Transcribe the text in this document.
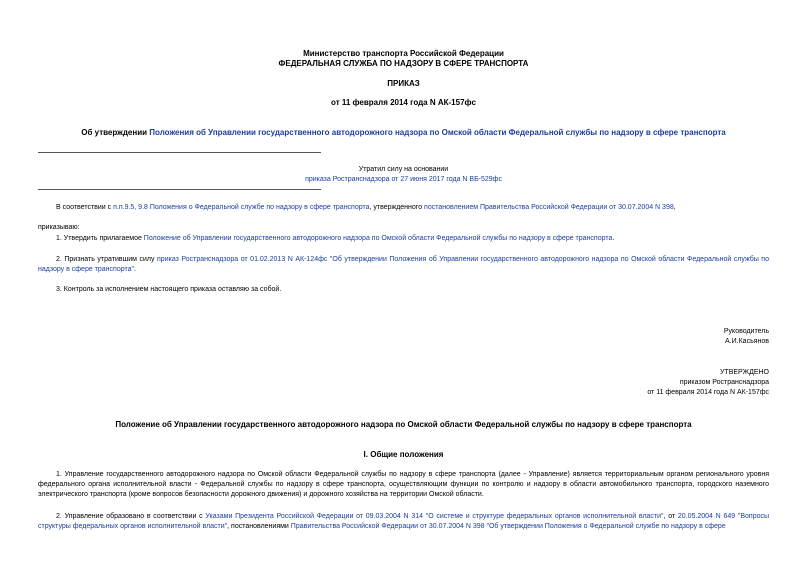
Министерство транспорта Российской Федерации
ФЕДЕРАЛЬНАЯ СЛУЖБА ПО НАДЗОРУ В СФЕРЕ ТРАНСПОРТА
ПРИКАЗ
от 11 февраля 2014 года N АК-157фс
Об утверждении Положения об Управлении государственного автодорожного надзора по Омской области Федеральной службы по надзору в сфере транспорта
Утратил силу на основании
приказа Ространснадзора от 27 июня 2017 года N ВБ-529фс
В соответствии с п.п.9.5, 9.8 Положения о Федеральной службе по надзору в сфере транспорта, утвержденного постановлением Правительства Российской Федерации от 30.07.2004 N 398,
приказываю:
1. Утвердить прилагаемое Положение об Управлении государственного автодорожного надзора по Омской области Федеральной службы по надзору в сфере транспорта.
2. Признать утратившим силу приказ Ространснадзора от 01.02.2013 N АК-124фс "Об утверждении Положения об Управлении государственного автодорожного надзора по Омской области Федеральной службы по надзору в сфере транспорта".
3. Контроль за исполнением настоящего приказа оставляю за собой.
Руководитель
А.И.Касьянов
УТВЕРЖДЕНО
приказом Ространснадзора
от 11 февраля 2014 года N АК-157фс
Положение об Управлении государственного автодорожного надзора по Омской области Федеральной службы по надзору в сфере транспорта
I. Общие положения
1. Управление государственного автодорожного надзора по Омской области Федеральной службы по надзору в сфере транспорта (далее - Управление) является территориальным органом регионального уровня федерального органа исполнительной власти - Федеральной службы по надзору в сфере транспорта, осуществляющим функции по контролю и надзору в области автомобильного транспорта, городского наземного электрического транспорта (кроме вопросов безопасности дорожного движения) и дорожного хозяйства на территории Омской области.
2. Управление образовано в соответствии с Указами Президента Российской Федерации от 09.03.2004 N 314 "О системе и структуре федеральных органов исполнительной власти", от 20.05.2004 N 649 "Вопросы структуры федеральных органов исполнительной власти", постановлениями Правительства Российской Федерации от 30.07.2004 N 398 "Об утверждении Положения о Федеральной службе по надзору в сфере
